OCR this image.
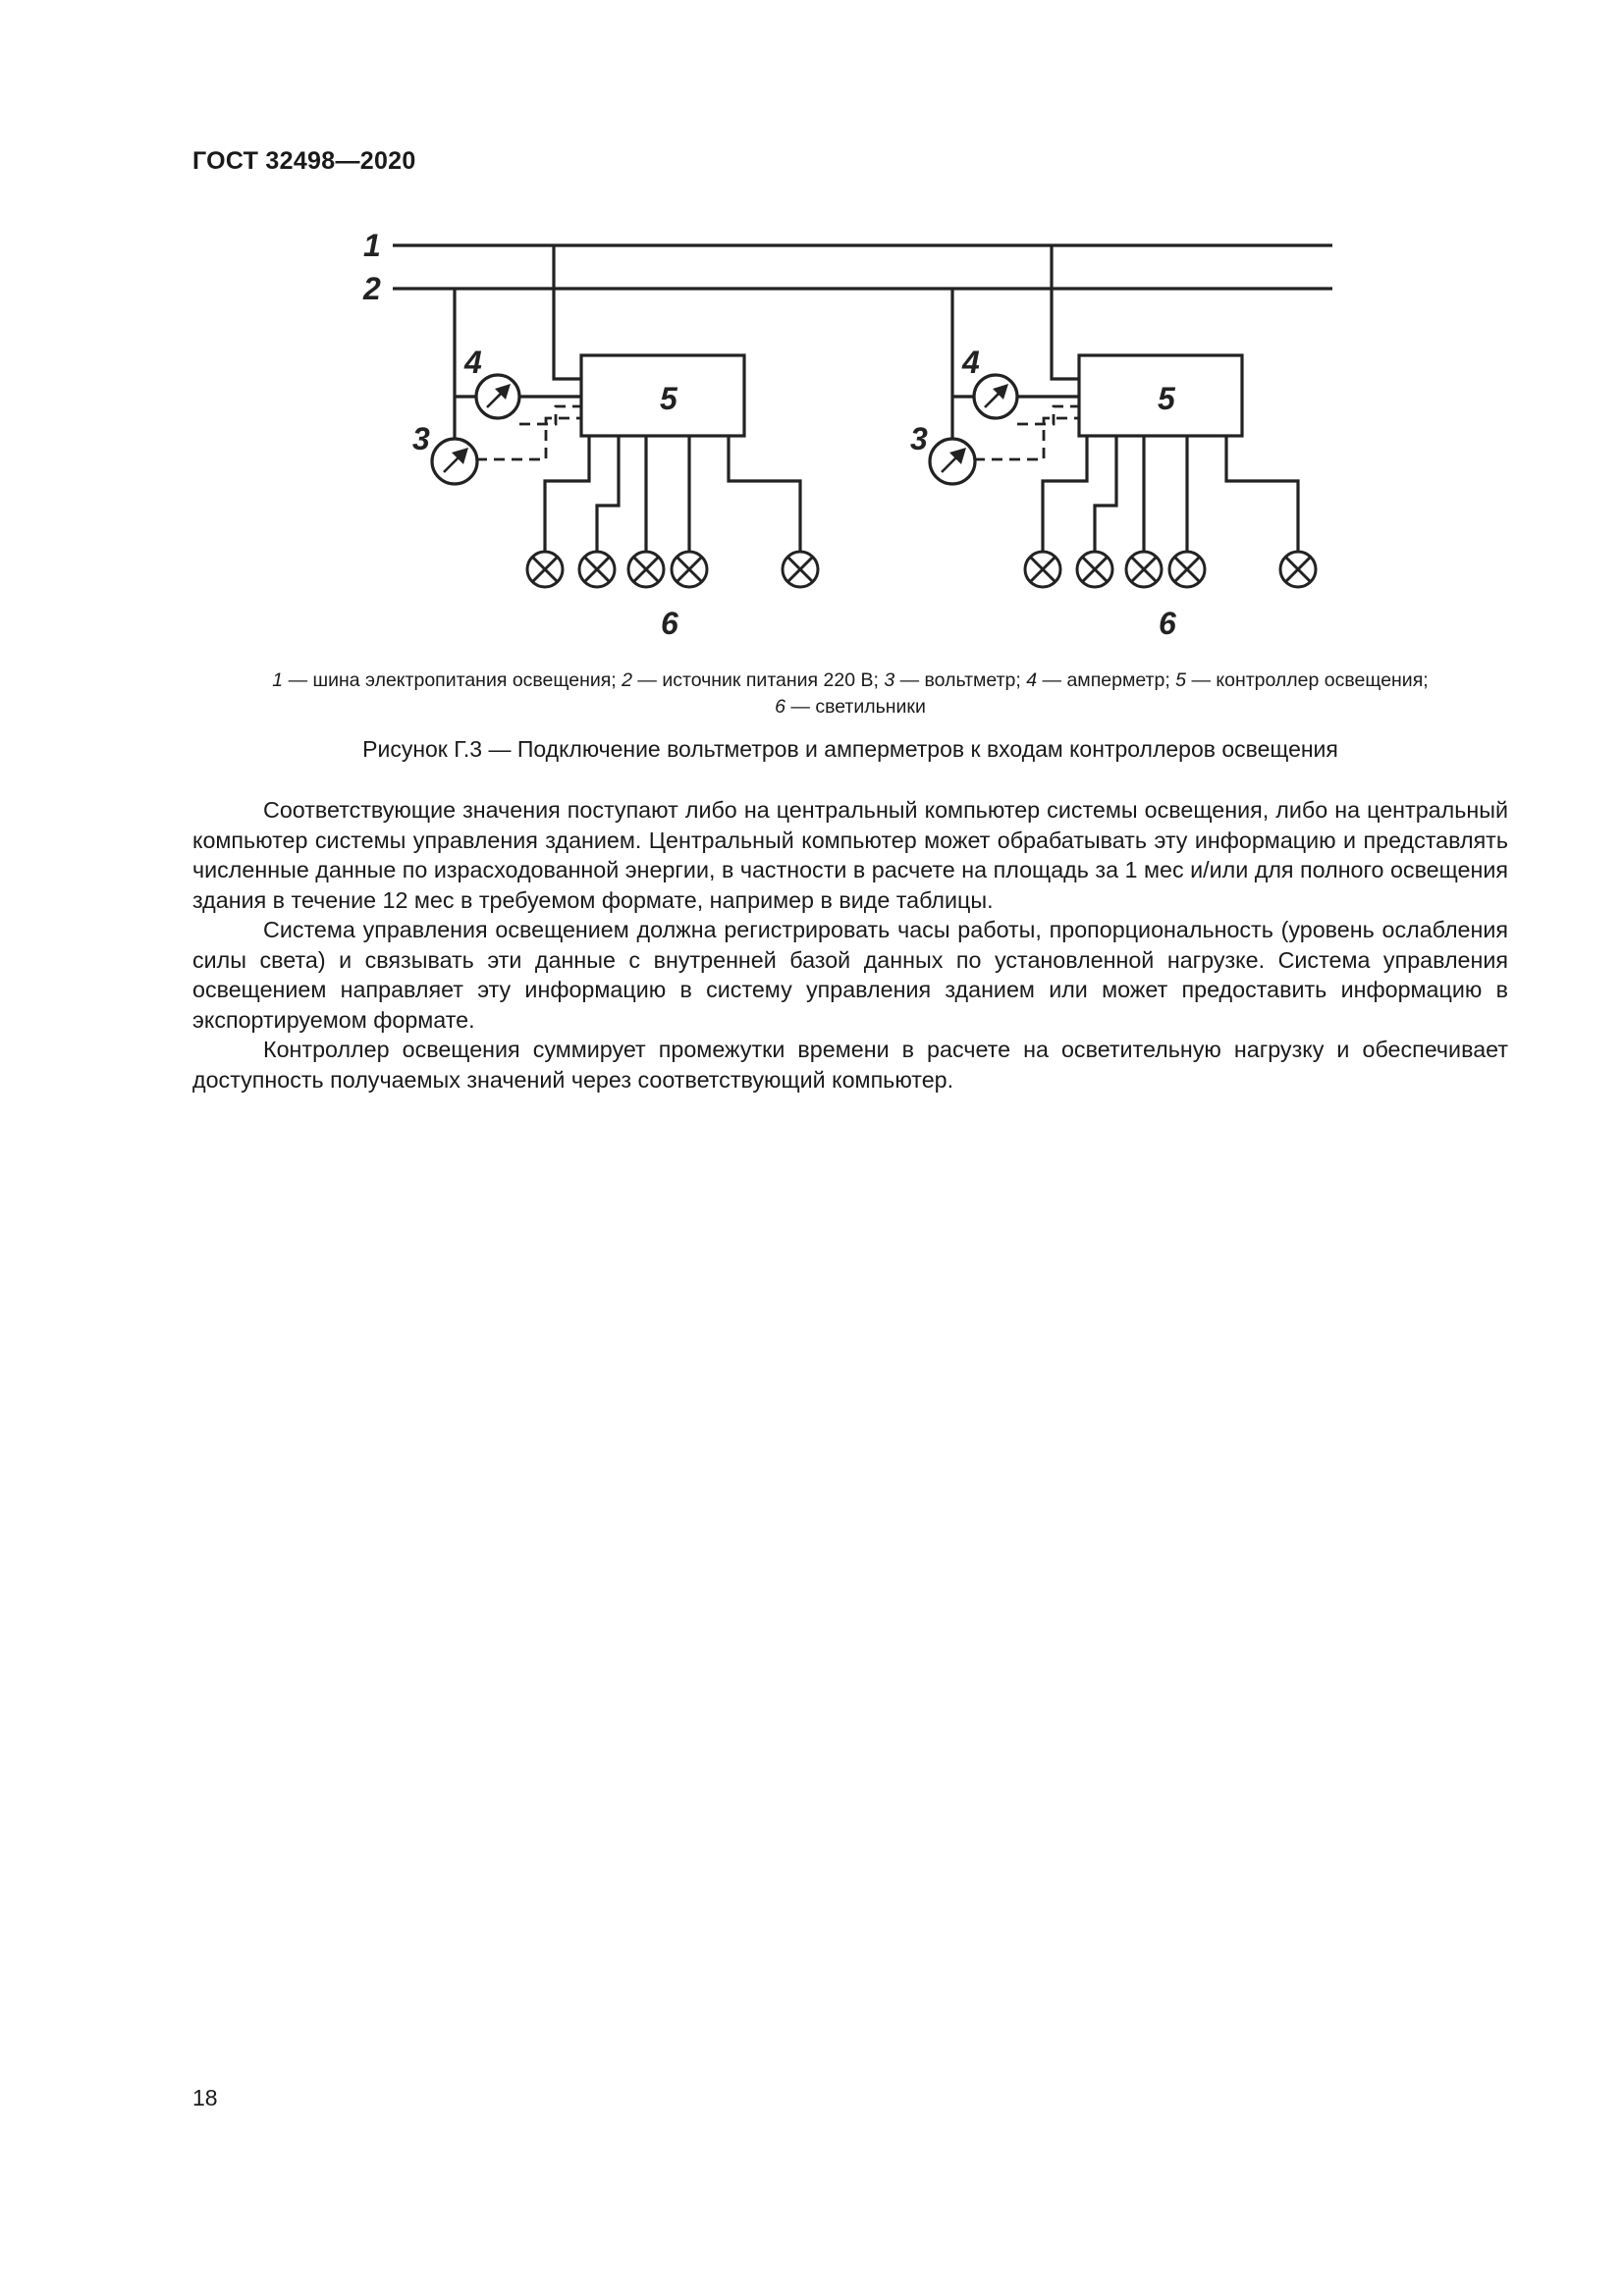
ГОСТ 32498—2020
1
2
4
3
5
6
4
3
5
6
1 — шина электропитания освещения; 2 — источник питания 220 В; 3 — вольтметр; 4 — амперметр; 5 — контроллер освещения;
6 — светильники
Рисунок Г.3 — Подключение вольтметров и амперметров к входам контроллеров освещения

Соответствующие значения поступают либо на центральный компьютер системы освещения, либо на центральный компьютер системы управления зданием. Центральный компьютер может обрабатывать эту информацию и представлять численные данные по израсходованной энергии, в частности в расчете на площадь за 1 мес и/или для полного освещения здания в течение 12 мес в требуемом формате, например в виде таблицы.

Система управления освещением должна регистрировать часы работы, пропорциональность (уровень ослабления силы света) и связывать эти данные с внутренней базой данных по установленной нагрузке. Система управления освещением направляет эту информацию в систему управления зданием или может предоставить информацию в экспортируемом формате.

Контроллер освещения суммирует промежутки времени в расчете на осветительную нагрузку и обеспечивает доступность получаемых значений через соответствующий компьютер.

18
